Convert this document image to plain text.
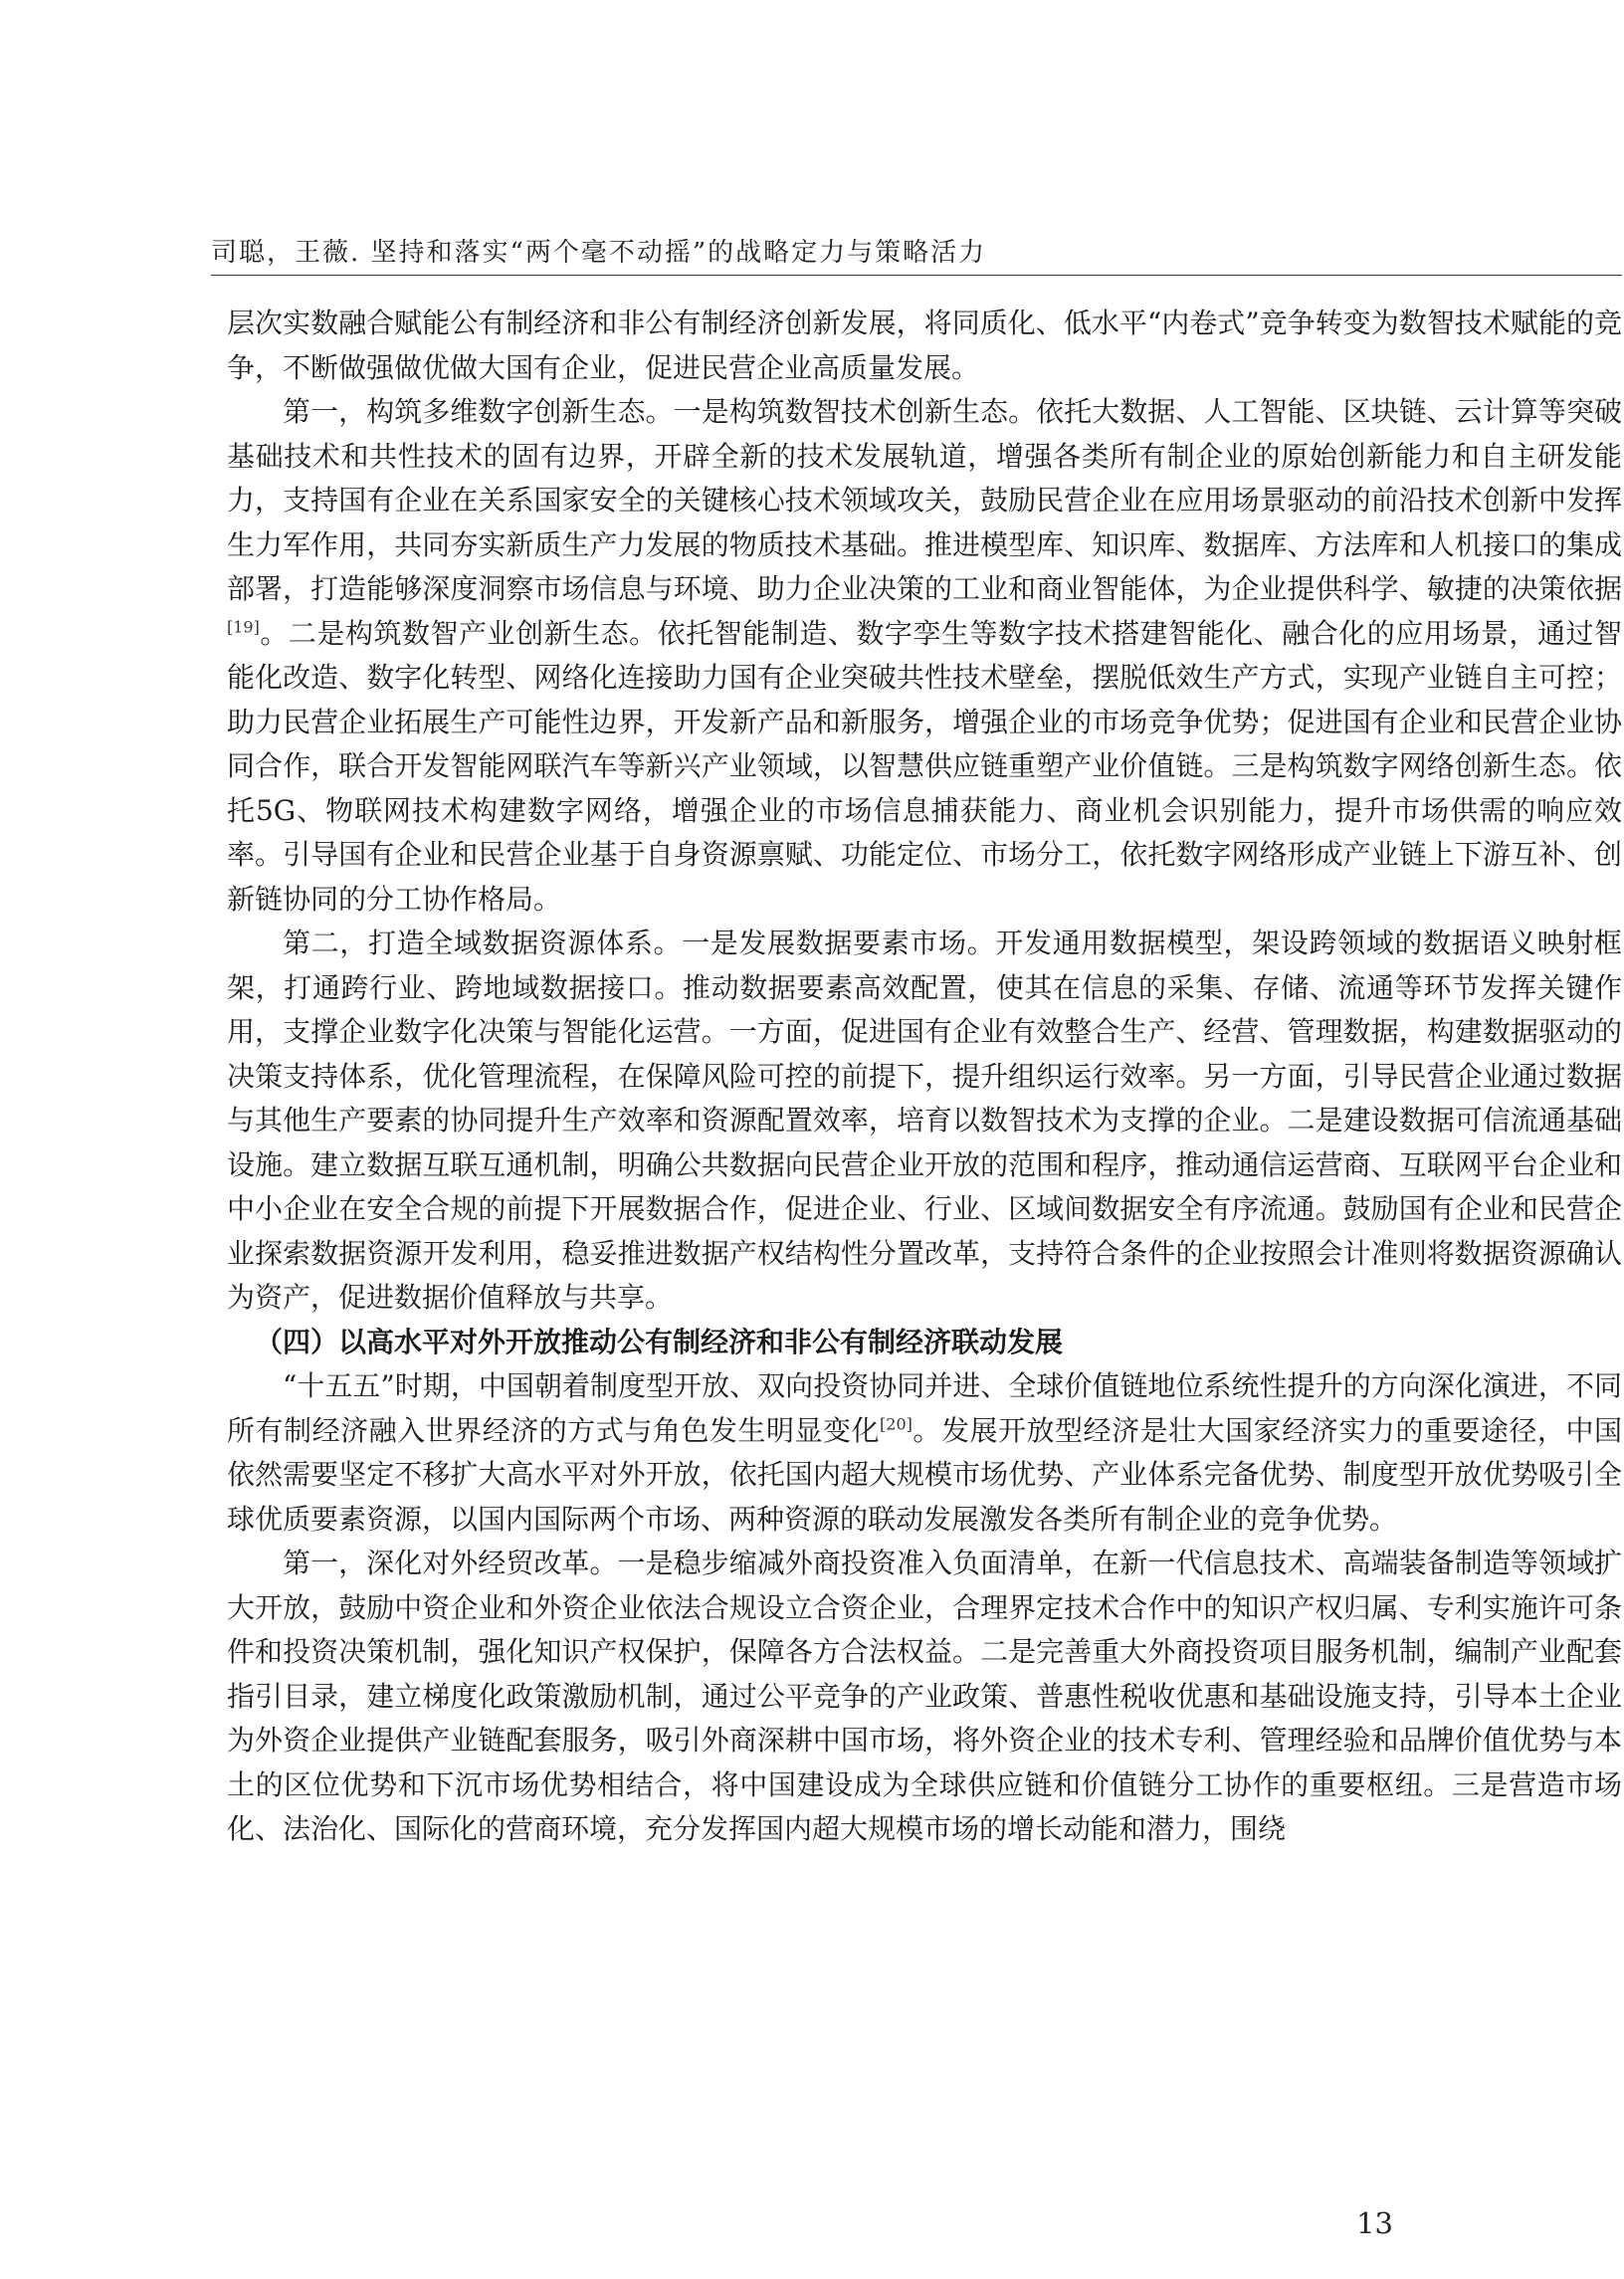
司聪，王薇. 坚持和落实“两个毫不动摇”的战略定力与策略活力

层次实数融合赋能公有制经济和非公有制经济创新发展，将同质化、低水平“内卷式”竞争转变为数智技术赋能的竞争，不断做强做优做大国有企业，促进民营企业高质量发展。

第一，构筑多维数字创新生态。一是构筑数智技术创新生态。依托大数据、人工智能、区块链、云计算等突破基础技术和共性技术的固有边界，开辟全新的技术发展轨道，增强各类所有制企业的原始创新能力和自主研发能力，支持国有企业在关系国家安全的关键核心技术领域攻关，鼓励民营企业在应用场景驱动的前沿技术创新中发挥生力军作用，共同夯实新质生产力发展的物质技术基础。推进模型库、知识库、数据库、方法库和人机接口的集成部署，打造能够深度洞察市场信息与环境、助力企业决策的工业和商业智能体，为企业提供科学、敏捷的决策依据[19]。二是构筑数智产业创新生态。依托智能制造、数字孪生等数字技术搭建智能化、融合化的应用场景，通过智能化改造、数字化转型、网络化连接助力国有企业突破共性技术壁垒，摆脱低效生产方式，实现产业链自主可控；助力民营企业拓展生产可能性边界，开发新产品和新服务，增强企业的市场竞争优势；促进国有企业和民营企业协同合作，联合开发智能网联汽车等新兴产业领域，以智慧供应链重塑产业价值链。三是构筑数字网络创新生态。依托5G、物联网技术构建数字网络，增强企业的市场信息捕获能力、商业机会识别能力，提升市场供需的响应效率。引导国有企业和民营企业基于自身资源禀赋、功能定位、市场分工，依托数字网络形成产业链上下游互补、创新链协同的分工协作格局。

第二，打造全域数据资源体系。一是发展数据要素市场。开发通用数据模型，架设跨领域的数据语义映射框架，打通跨行业、跨地域数据接口。推动数据要素高效配置，使其在信息的采集、存储、流通等环节发挥关键作用，支撑企业数字化决策与智能化运营。一方面，促进国有企业有效整合生产、经营、管理数据，构建数据驱动的决策支持体系，优化管理流程，在保障风险可控的前提下，提升组织运行效率。另一方面，引导民营企业通过数据与其他生产要素的协同提升生产效率和资源配置效率，培育以数智技术为支撑的企业。二是建设数据可信流通基础设施。建立数据互联互通机制，明确公共数据向民营企业开放的范围和程序，推动通信运营商、互联网平台企业和中小企业在安全合规的前提下开展数据合作，促进企业、行业、区域间数据安全有序流通。鼓励国有企业和民营企业探索数据资源开发利用，稳妥推进数据产权结构性分置改革，支持符合条件的企业按照会计准则将数据资源确认为资产，促进数据价值释放与共享。

（四）以高水平对外开放推动公有制经济和非公有制经济联动发展

“十五五”时期，中国朝着制度型开放、双向投资协同并进、全球价值链地位系统性提升的方向深化演进，不同所有制经济融入世界经济的方式与角色发生明显变化[20]。发展开放型经济是壮大国家经济实力的重要途径，中国依然需要坚定不移扩大高水平对外开放，依托国内超大规模市场优势、产业体系完备优势、制度型开放优势吸引全球优质要素资源，以国内国际两个市场、两种资源的联动发展激发各类所有制企业的竞争优势。

第一，深化对外经贸改革。一是稳步缩减外商投资准入负面清单，在新一代信息技术、高端装备制造等领域扩大开放，鼓励中资企业和外资企业依法合规设立合资企业，合理界定技术合作中的知识产权归属、专利实施许可条件和投资决策机制，强化知识产权保护，保障各方合法权益。二是完善重大外商投资项目服务机制，编制产业配套指引目录，建立梯度化政策激励机制，通过公平竞争的产业政策、普惠性税收优惠和基础设施支持，引导本土企业为外资企业提供产业链配套服务，吸引外商深耕中国市场，将外资企业的技术专利、管理经验和品牌价值优势与本土的区位优势和下沉市场优势相结合，将中国建设成为全球供应链和价值链分工协作的重要枢纽。三是营造市场化、法治化、国际化的营商环境，充分发挥国内超大规模市场的增长动能和潜力，围绕

13
